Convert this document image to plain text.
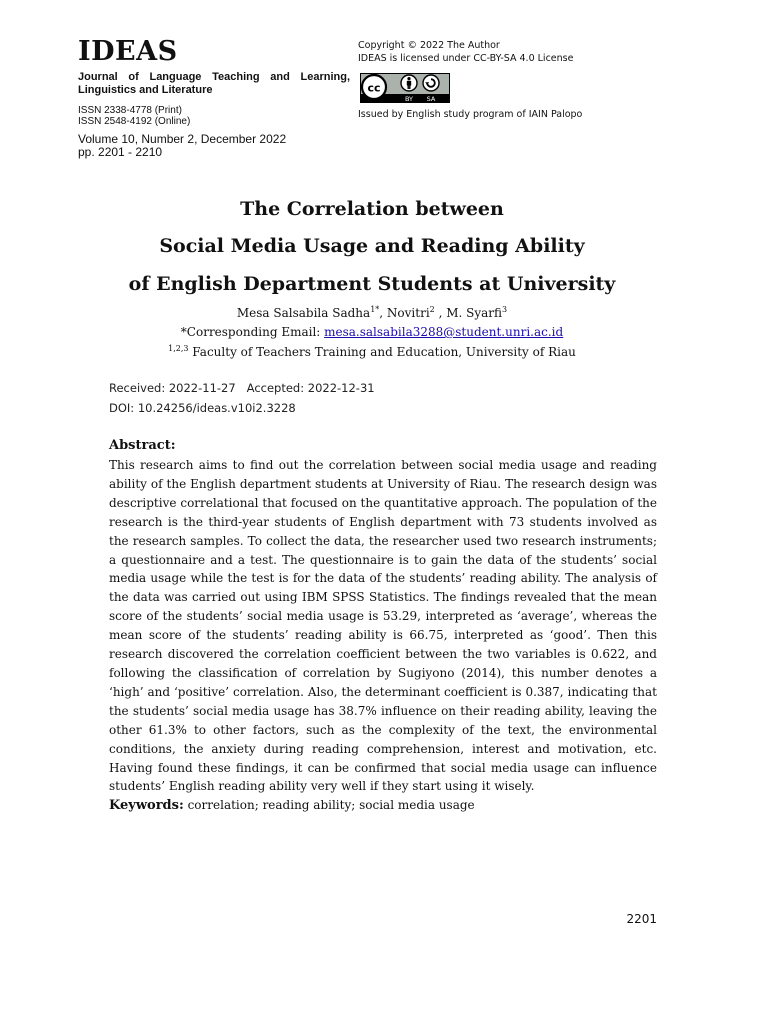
IDEAS
Journal of Language Teaching and Learning, Linguistics and Literature
ISSN 2338-4778 (Print)
ISSN 2548-4192 (Online)
Volume 10, Number 2, December 2022
pp. 2201 - 2210
Copyright © 2022 The Author
IDEAS is licensed under CC-BY-SA 4.0 License
cc
BY SA
Issued by English study program of IAIN Palopo
The Correlation between
Social Media Usage and Reading Ability
of English Department Students at University
Mesa Salsabila Sadha$^{1*}$, Novitri$^2$ , M. Syarfi$^3$
*Corresponding Email: mesa.salsabila3288@student.unri.ac.id
$^{1,2,3}$ Faculty of Teachers Training and Education, University of Riau
Received: 2022-11-27   Accepted: 2022-12-31
DOI: 10.24256/ideas.v10i2.3228
Abstract:
This research aims to find out the correlation between social media usage and reading ability of the English department students at University of Riau. The research design was descriptive correlational that focused on the quantitative approach. The population of the research is the third-year students of English department with 73 students involved as the research samples. To collect the data, the researcher used two research instruments; a questionnaire and a test. The questionnaire is to gain the data of the students’ social media usage while the test is for the data of the students’ reading ability. The analysis of the data was carried out using IBM SPSS Statistics. The findings revealed that the mean score of the students’ social media usage is 53.29, interpreted as ‘average’, whereas the mean score of the students’ reading ability is 66.75, interpreted as ‘good’. Then this research discovered the correlation coefficient between the two variables is 0.622, and following the classification of correlation by Sugiyono (2014), this number denotes a ‘high’ and ‘positive’ correlation. Also, the determinant coefficient is 0.387, indicating that the students’ social media usage has 38.7% influence on their reading ability, leaving the other 61.3% to other factors, such as the complexity of the text, the environmental conditions, the anxiety during reading comprehension, interest and motivation, etc. Having found these findings, it can be confirmed that social media usage can influence students’ English reading ability very well if they start using it wisely.
Keywords: correlation; reading ability; social media usage
2201
